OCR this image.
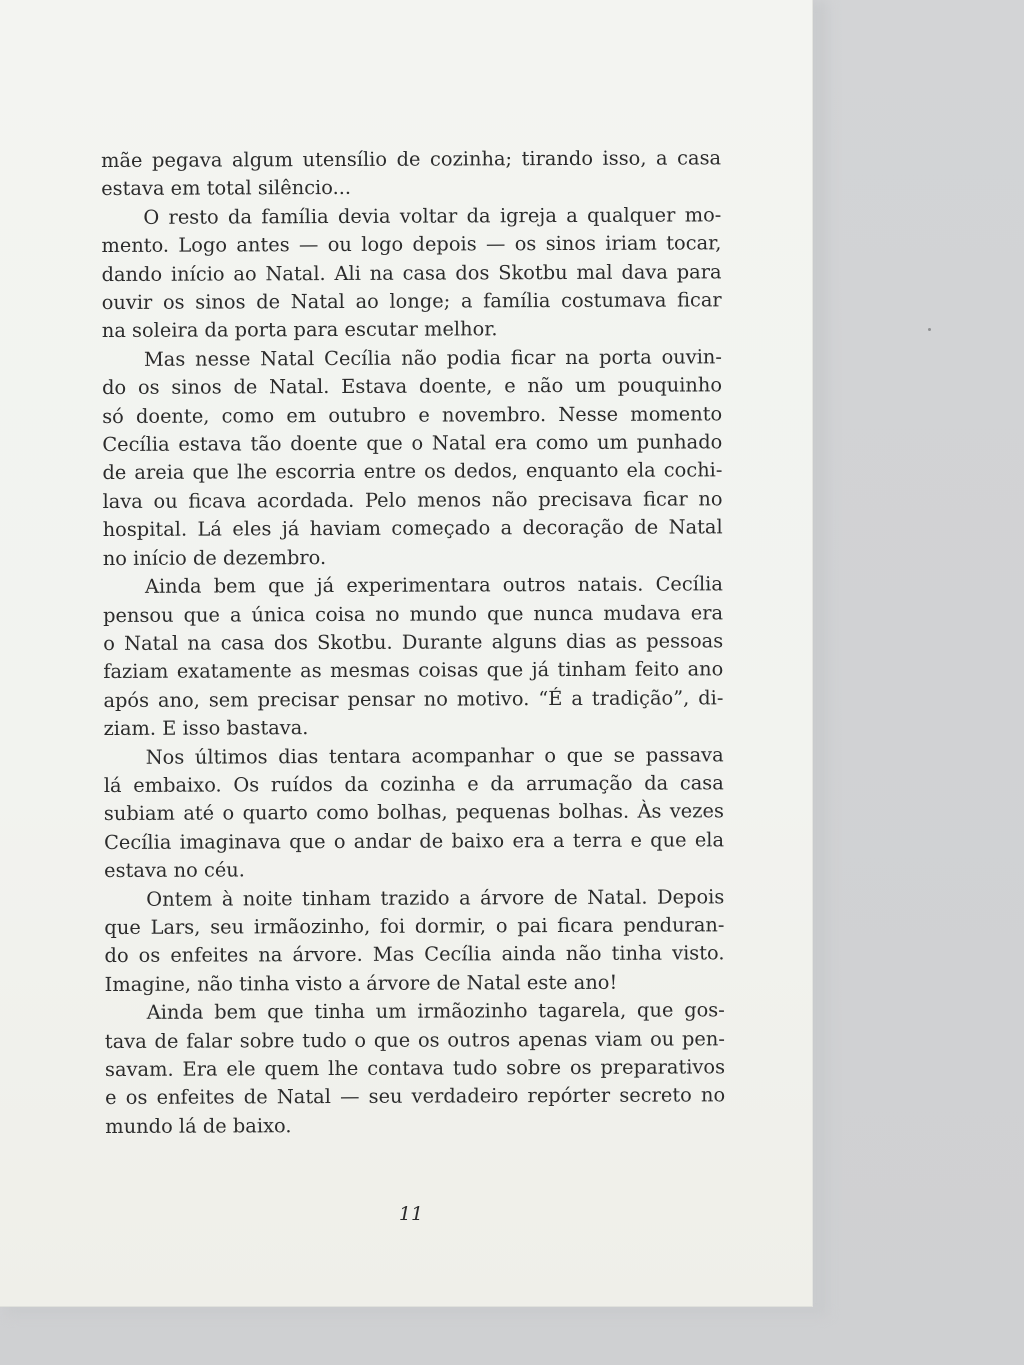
mãe pegava algum utensílio de cozinha; tirando isso, a casa
estava em total silêncio...
O resto da família devia voltar da igreja a qualquer mo-
mento. Logo antes — ou logo depois — os sinos iriam tocar,
dando início ao Natal. Ali na casa dos Skotbu mal dava para
ouvir os sinos de Natal ao longe; a família costumava ficar
na soleira da porta para escutar melhor.
Mas nesse Natal Cecília não podia ficar na porta ouvin-
do os sinos de Natal. Estava doente, e não um pouquinho
só doente, como em outubro e novembro. Nesse momento
Cecília estava tão doente que o Natal era como um punhado
de areia que lhe escorria entre os dedos, enquanto ela cochi-
lava ou ficava acordada. Pelo menos não precisava ficar no
hospital. Lá eles já haviam começado a decoração de Natal
no início de dezembro.
Ainda bem que já experimentara outros natais. Cecília
pensou que a única coisa no mundo que nunca mudava era
o Natal na casa dos Skotbu. Durante alguns dias as pessoas
faziam exatamente as mesmas coisas que já tinham feito ano
após ano, sem precisar pensar no motivo. “É a tradição”, di-
ziam. E isso bastava.
Nos últimos dias tentara acompanhar o que se passava
lá embaixo. Os ruídos da cozinha e da arrumação da casa
subiam até o quarto como bolhas, pequenas bolhas. Às vezes
Cecília imaginava que o andar de baixo era a terra e que ela
estava no céu.
Ontem à noite tinham trazido a árvore de Natal. Depois
que Lars, seu irmãozinho, foi dormir, o pai ficara penduran-
do os enfeites na árvore. Mas Cecília ainda não tinha visto.
Imagine, não tinha visto a árvore de Natal este ano!
Ainda bem que tinha um irmãozinho tagarela, que gos-
tava de falar sobre tudo o que os outros apenas viam ou pen-
savam. Era ele quem lhe contava tudo sobre os preparativos
e os enfeites de Natal — seu verdadeiro repórter secreto no
mundo lá de baixo.
11
